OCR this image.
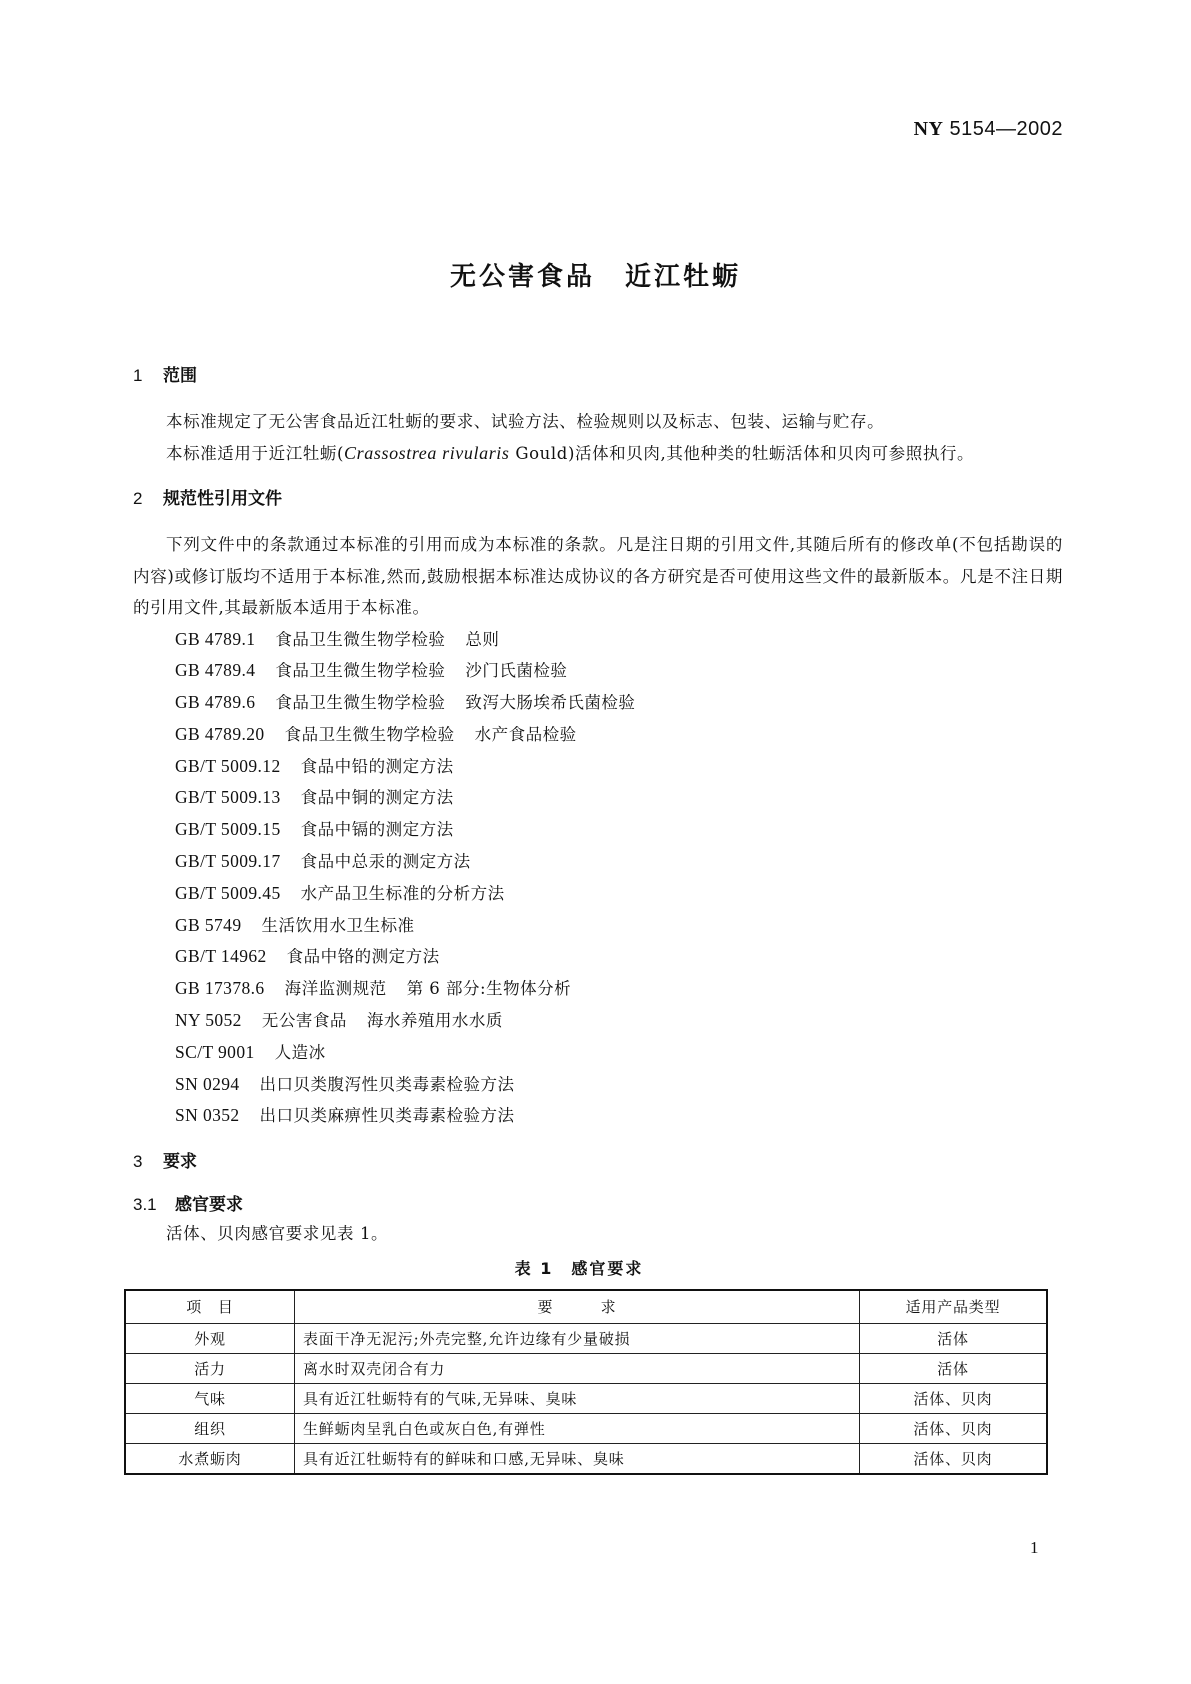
NY 5154—2002
无公害食品 近江牡蛎
1 范围

本标准规定了无公害食品近江牡蛎的要求、试验方法、检验规则以及标志、包装、运输与贮存。

本标准适用于近江牡蛎(Crassostrea rivularis Gould)活体和贝肉,其他种类的牡蛎活体和贝肉可参照执行。

2 规范性引用文件

下列文件中的条款通过本标准的引用而成为本标准的条款。凡是注日期的引用文件,其随后所有的修改单(不包括勘误的内容)或修订版均不适用于本标准,然而,鼓励根据本标准达成协议的各方研究是否可使用这些文件的最新版本。凡是不注日期的引用文件,其最新版本适用于本标准。

GB 4789.1 食品卫生微生物学检验 总则
GB 4789.4 食品卫生微生物学检验 沙门氏菌检验
GB 4789.6 食品卫生微生物学检验 致泻大肠埃希氏菌检验
GB 4789.20 食品卫生微生物学检验 水产食品检验
GB/T 5009.12 食品中铅的测定方法
GB/T 5009.13 食品中铜的测定方法
GB/T 5009.15 食品中镉的测定方法
GB/T 5009.17 食品中总汞的测定方法
GB/T 5009.45 水产品卫生标准的分析方法
GB 5749 生活饮用水卫生标准
GB/T 14962 食品中铬的测定方法
GB 17378.6 海洋监测规范 第 6 部分:生物体分析
NY 5052 无公害食品 海水养殖用水水质
SC/T 9001 人造冰
SN 0294 出口贝类腹泻性贝类毒素检验方法
SN 0352 出口贝类麻痹性贝类毒素检验方法
3 要求
3.1 感官要求

活体、贝肉感官要求见表 1。

表 1　感官要求
项　目	要　　　求	适用产品类型
外观	表面干净无泥污;外壳完整,允许边缘有少量破损	活体
活力	离水时双壳闭合有力	活体
气味	具有近江牡蛎特有的气味,无异味、臭味	活体、贝肉
组织	生鲜蛎肉呈乳白色或灰白色,有弹性	活体、贝肉
水煮蛎肉	具有近江牡蛎特有的鲜味和口感,无异味、臭味	活体、贝肉
1
